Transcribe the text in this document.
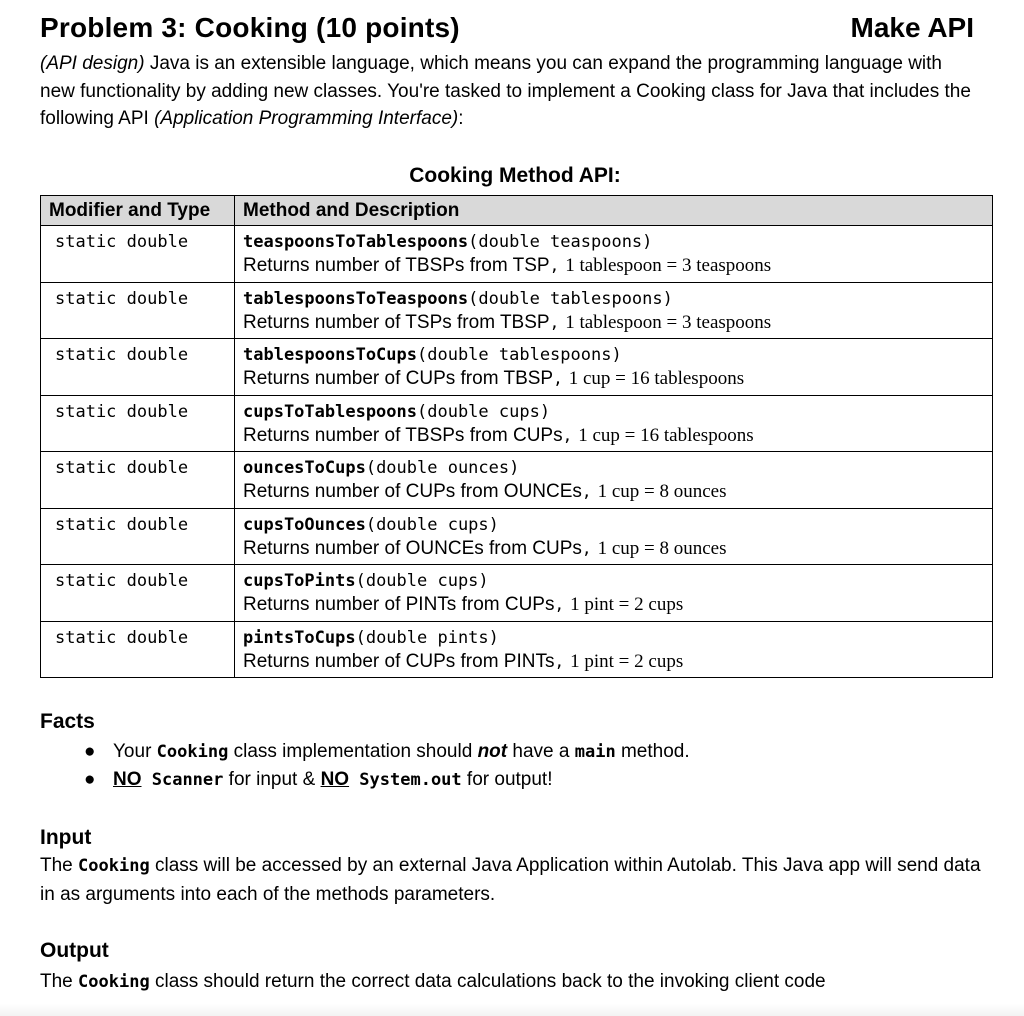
Problem 3: Cooking (10 points)	Make API

(API design) Java is an extensible language, which means you can expand the programming language with new functionality by adding new classes. You're tasked to implement a Cooking class for Java that includes the following API (Application Programming Interface):

Cooking Method API:
Modifier and Type	Method and Description
static double	teaspoonsToTablespoons(double teaspoons)
Returns number of TBSPs from TSP, 1 tablespoon = 3 teaspoons

static double	tablespoonsToTeaspoons(double tablespoons)
Returns number of TSPs from TBSP, 1 tablespoon = 3 teaspoons

static double	tablespoonsToCups(double tablespoons)
Returns number of CUPs from TBSP, 1 cup = 16 tablespoons

static double	cupsToTablespoons(double cups)
Returns number of TBSPs from CUPs, 1 cup = 16 tablespoons

static double	ouncesToCups(double ounces)
Returns number of CUPs from OUNCEs, 1 cup = 8 ounces

static double	cupsToOunces(double cups)
Returns number of OUNCEs from CUPs, 1 cup = 8 ounces

static double	cupsToPints(double cups)
Returns number of PINTs from CUPs, 1 pint = 2 cups

static double	pintsToCups(double pints)
Returns number of CUPs from PINTs, 1 pint = 2 cups
Facts
● Your Cooking class implementation should not have a main method.
● NO Scanner for input & NO System.out for output!
Input

The Cooking class will be accessed by an external Java Application within Autolab. This Java app will send data in as arguments into each of the methods parameters.

Output

The Cooking class should return the correct data calculations back to the invoking client code
